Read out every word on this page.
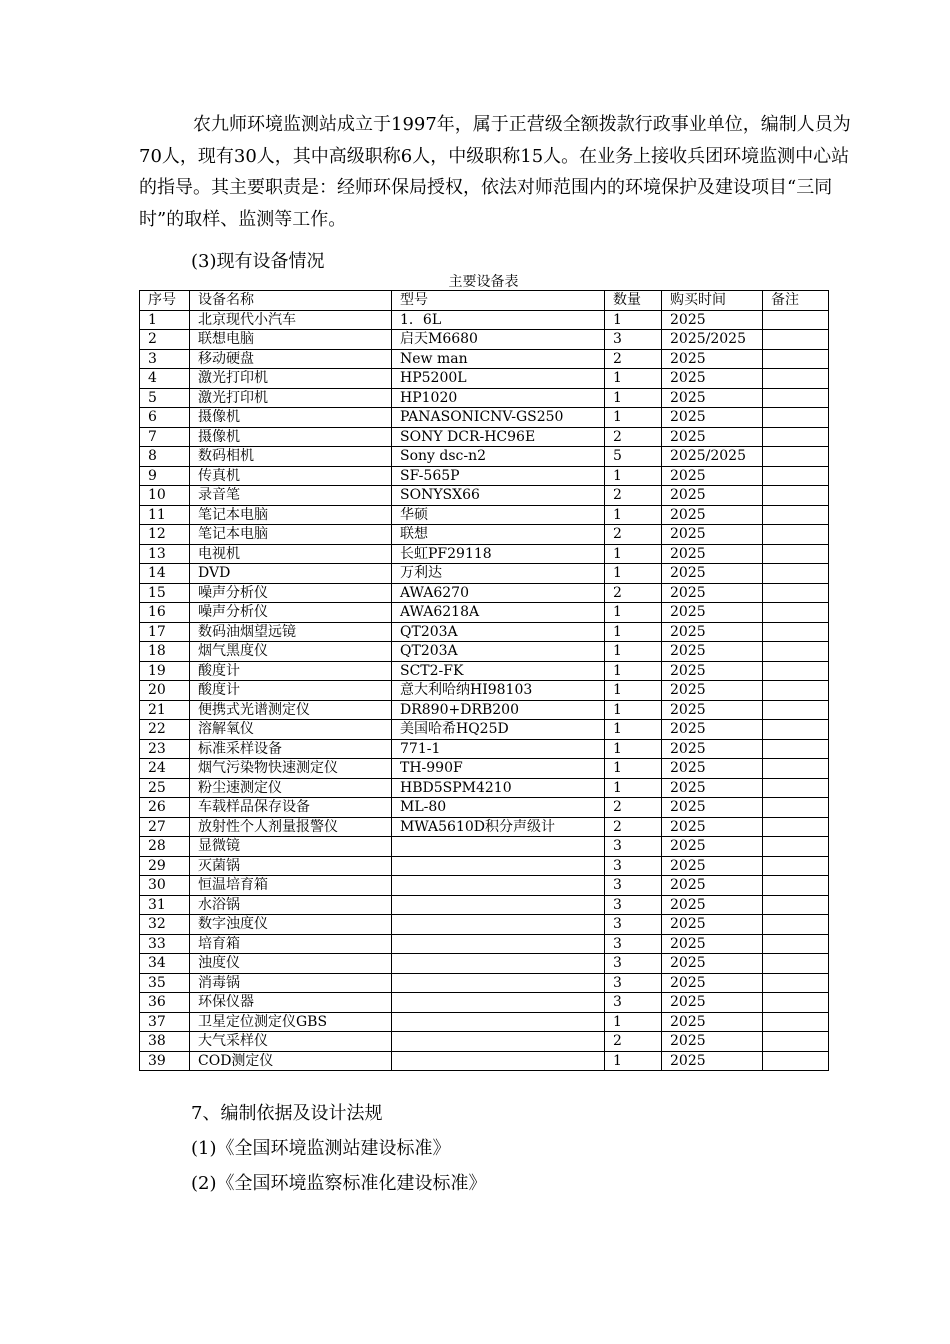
农九师环境监测站成立于1997年，属于正营级全额拨款行政事业单位，编制人员为70人，现有30人，其中高级职称6人，中级职称15人。在业务上接收兵团环境监测中心站的指导。其主要职责是：经师环保局授权，依法对师范围内的环境保护及建设项目“三同时”的取样、监测等工作。

(3)现有设备情况
主要设备表
序号	设备名称	型号	数量	购买时间	备注
1	北京现代小汽车	1．6L	1	2025	
2	联想电脑	启天M6680	3	2025/2025	
3	移动硬盘	New man	2	2025	
4	激光打印机	HP5200L	1	2025	
5	激光打印机	HP1020	1	2025	
6	摄像机	PANASONICNV-GS250	1	2025	
7	摄像机	SONY DCR-HC96E	2	2025	
8	数码相机	Sony dsc-n2	5	2025/2025	
9	传真机	SF-565P	1	2025	
10	录音笔	SONYSX66	2	2025	
11	笔记本电脑	华硕	1	2025	
12	笔记本电脑	联想	2	2025	
13	电视机	长虹PF29118	1	2025	
14	DVD	万利达	1	2025	
15	噪声分析仪	AWA6270	2	2025	
16	噪声分析仪	AWA6218A	1	2025	
17	数码油烟望远镜	QT203A	1	2025	
18	烟气黑度仪	QT203A	1	2025	
19	酸度计	SCT2-FK	1	2025	
20	酸度计	意大利哈纳HI98103	1	2025	
21	便携式光谱测定仪	DR890+DRB200	1	2025	
22	溶解氧仪	美国哈希HQ25D	1	2025	
23	标准采样设备	771-1	1	2025	
24	烟气污染物快速测定仪	TH-990F	1	2025	
25	粉尘速测定仪	HBD5SPM4210	1	2025	
26	车载样品保存设备	ML-80	2	2025	
27	放射性个人剂量报警仪	MWA5610D积分声级计	2	2025	
28	显微镜		3	2025	
29	灭菌锅		3	2025	
30	恒温培育箱		3	2025	
31	水浴锅		3	2025	
32	数字浊度仪		3	2025	
33	培育箱		3	2025	
34	浊度仪		3	2025	
35	消毒锅		3	2025	
36	环保仪器		3	2025	
37	卫星定位测定仪GBS		1	2025	
38	大气采样仪		2	2025	
39	COD测定仪		1	2025	
7、编制依据及设计法规
(1)《全国环境监测站建设标准》
(2)《全国环境监察标准化建设标准》
